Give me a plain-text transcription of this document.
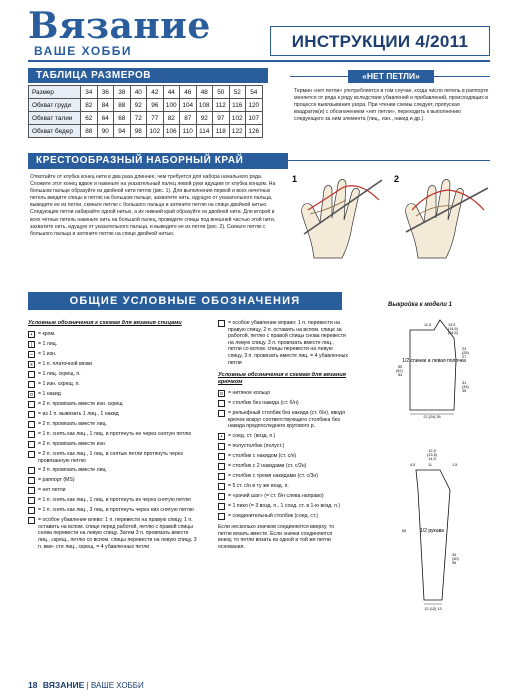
Вязание
ВАШЕ ХОББИ	ИНСТРУКЦИИ 4/2011
ТАБЛИЦА РАЗМЕРОВ
Размер	34	36	38	40	42	44	46	48	50	52	54
Обхват груди	82	84	88	92	96	100	104	108	112	116	120
Обхват талии	62	64	68	72	77	82	87	92	97	102	107
Обхват бедер	88	90	94	98	102	106	110	114	118	122	126
«НЕТ ПЕТЛИ»
Термин «нет петли» употребляется в том случае, когда число петель в раппорте меняется от ряда к ряду вследствие убавлений и прибавлений, происходящих в процессе вывязывания узора. При чтении схемы следует, пропуская квадратик(и) с обозначением «нет петли», переходить к выполнению следующего за ним элемента (лиц., изн., накид и др.).
КРЕСТООБРАЗНЫЙ НАБОРНЫЙ КРАЙ
Отмотайте от клубка конец нити в два раза длиннее, чем требуется для набора начального ряда. Сложите этот конец вдвое и накиньте на указательный палец левой руки идущим от клубка концом. На большом пальце образуйте из двойной нити петлю (рис. 1). Для выполнения первой и всех нечетных петель введите спицы в петлю на большом пальце, захватите нить, идущую от указательного пальца, выведите ее из петли, скиньте петлю с большого пальца и затяните петлю на спице двойной нитью. Следующие петли набирайте одной нитью, а их нижний край образуйте из двойной нити. Для второй и всех четных петель накиньте нить на большой палец, проведите спицы под внешней частью этой нити, захватите нить, идущую от указательного пальца, и выведите ее из петли (рис. 2). Скиньте петлю с большого пальца и затяните петлю на спице двойной нитью.
1	2
ОБЩИЕ УСЛОВНЫЕ ОБОЗНАЧЕНИЯ
Условные обозначения к схемам для вязания спицами
•	= кром.
|	= 1 лиц.
– = 1 изн.
x	= 1 п. платочной вязки
= 1 лиц. скрещ. п.
= 1 изн. скрещ. п.
o = 1 накид
= 2 п. провязать вместе изн. скрещ
= из 1 п. вывязать 1 лиц., 1 накид
= 2 п. провязать вместе лиц.
= 1 п. снять как лиц., 1 лиц. и протянуть ее через снятую петлю
= 2 п. провязать вместе изн.
= 2 п. снять как лиц., 1 лиц. и снятые петли протянуть через провязанную петлю
= 3 п. провязать вместе лиц.
= раппорт (MS)
= нет петли
= 1 п. снять как лиц., 1 лиц. и протянуть их через снятую петлю
= 1 п. снять как лиц., 3 лиц. и протянуть через них снятую петлю
= особое убавление влево: 1 п. перевести на правую спицу, 1 п. оставить на вспом. спице перед работой, петлю с правой спицы снова перевести на левую спицу. Затем 3 п. провязать вместе лиц., скрещ., петлю со вспом. спицы перевести на левую спицу, 3 п. вме- сте лиц., скрещ. = 4 убавленных петли
= особое убавление вправо: 1 п. перевести на правую спицу, 2 п. оставить на вспом. спице за работой, петлю с правой спицы снова перевести на левую спицу. 3 п. провязать вместе лиц., петли со вспом. спицы перевести на левую спицу, 3 п. провязать вместе лиц. = 4 убавленных петли
Условные обозначения к схемам для вязания крючком
o = нитяное кольцо
= столбик без накида (ст. б/н)
= рельефный столбик без накида (ст. б/н), вводя крючок вокруг соответствующего столбика без накида предпоследнего кругового р.
•	= соед. ст. (возд. п.)
= полустолбик (полуст.)
= столбик с накидом (ст. с/н)
= столбик с 2 накидами (ст. с/2н)
= столбик с тремя накидами (ст. с/3н)
= 5 ст. с/н в ту же возд. п.
= «рачий шаг» (= ст. б/н слева направо)
= 1 пико (= 3 возд. п., 1 соед. ст. в 1-ю возд. п.)
= соединительный столбик (соед. ст.)
Если несколько значков соединяются вверху, то петли вязать вместе. Если значки соединяются внизу, то петли вязать из одной и той же петли основания.
Выкройка к модели 1
1/2 спинки и левая полочка
13,5
(14,5)
(16,5)
11,5
23
(25)
27
31
(33)
35
50
(52)
54
22 (24) 26
1/2 рукава
12,5
(13,5)
14,5
4,5	11	1,5
65
34
(30)
36
12 (12) 13
18 ВЯЗАНИЕ | ВАШЕ ХОББИ
